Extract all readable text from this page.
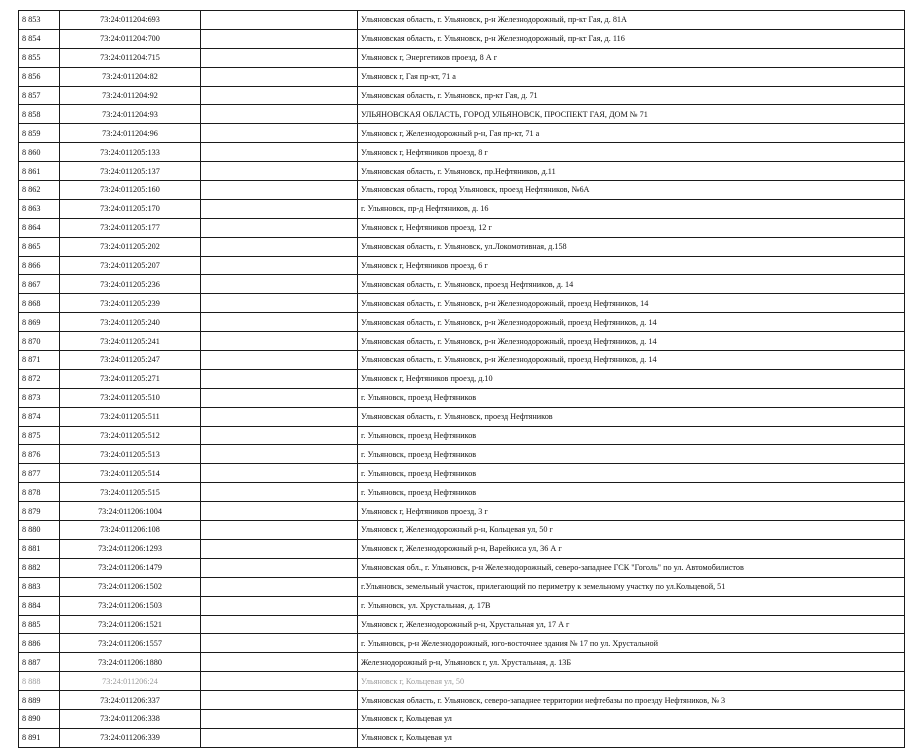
8 853	73:24:011204:693		Ульяновская область, г. Ульяновск, р-н Железнодорожный, пр-кт Гая, д. 81А
8 854	73:24:011204:700		Ульяновская область, г. Ульяновск, р-н Железнодорожный, пр-кт Гая, д. 116
8 855	73:24:011204:715		Ульяновск г, Энергетиков проезд, 8 А г
8 856	73:24:011204:82		Ульяновск г, Гая пр-кт, 71 а
8 857	73:24:011204:92		Ульяновская область, г. Ульяновск, пр-кт Гая, д. 71
8 858	73:24:011204:93		УЛЬЯНОВСКАЯ ОБЛАСТЬ, ГОРОД УЛЬЯНОВСК, ПРОСПЕКТ ГАЯ, ДОМ № 71
8 859	73:24:011204:96		Ульяновск г, Железнодорожный р-н, Гая пр-кт, 71 а
8 860	73:24:011205:133		Ульяновск г, Нефтяников проезд, 8 г
8 861	73:24:011205:137		Ульяновская область, г. Ульяновск, пр.Нефтяников, д.11
8 862	73:24:011205:160		Ульяновская область, город Ульяновск, проезд Нефтяников, №6А
8 863	73:24:011205:170		г. Ульяновск, пр-д Нефтяников, д. 16
8 864	73:24:011205:177		Ульяновск г, Нефтяников проезд, 12 г
8 865	73:24:011205:202		Ульяновская область, г. Ульяновск, ул.Локомотивная, д.158
8 866	73:24:011205:207		Ульяновск г, Нефтяников проезд, 6 г
8 867	73:24:011205:236		Ульяновская область, г. Ульяновск, проезд Нефтяников, д. 14
8 868	73:24:011205:239		Ульяновская область, г. Ульяновск, р-н Железнодорожный, проезд Нефтяников, 14
8 869	73:24:011205:240		Ульяновская область, г. Ульяновск, р-н Железнодорожный, проезд Нефтяников, д. 14
8 870	73:24:011205:241		Ульяновская область, г. Ульяновск, р-н Железнодорожный, проезд Нефтяников, д. 14
8 871	73:24:011205:247		Ульяновская область, г. Ульяновск, р-н Железнодорожный, проезд Нефтяников, д. 14
8 872	73:24:011205:271		Ульяновск г, Нефтяников проезд, д.10
8 873	73:24:011205:510		г. Ульяновск, проезд Нефтяников
8 874	73:24:011205:511		Ульяновская область, г. Ульяновск, проезд Нефтяников
8 875	73:24:011205:512		г. Ульяновск, проезд Нефтяников
8 876	73:24:011205:513		г. Ульяновск, проезд Нефтяников
8 877	73:24:011205:514		г. Ульяновск, проезд Нефтяников
8 878	73:24:011205:515		г. Ульяновск, проезд Нефтяников
8 879	73:24:011206:1004		Ульяновск г, Нефтяников проезд, 3 г
8 880	73:24:011206:108		Ульяновск г, Железнодорожный р-н, Кольцевая ул, 50 г
8 881	73:24:011206:1293		Ульяновск г, Железнодорожный р-н, Варейкиса ул, 36 А г
8 882	73:24:011206:1479		Ульяновская обл., г. Ульяновск, р-н Железнодорожный, северо-западнее ГСК "Гоголь" по ул. Автомобилистов
8 883	73:24:011206:1502		г.Ульяновск, земельный участок, прилегающий по периметру к земельному участку по ул.Кольцевой, 51
8 884	73:24:011206:1503		г. Ульяновск, ул. Хрустальная, д. 17В
8 885	73:24:011206:1521		Ульяновск г, Железнодорожный р-н, Хрустальная ул, 17 А г
8 886	73:24:011206:1557		г. Ульяновск, р-н Железнодорожный, юго-восточнее здания № 17 по ул. Хрустальной
8 887	73:24:011206:1880		Железнодорожный р-н, Ульяновск г, ул. Хрустальная, д. 13Б
8 888	73:24:011206:24		Ульяновск г, Кольцевая ул, 50
8 889	73:24:011206:337		Ульяновская область, г. Ульяновск, северо-западнее территории нефтебазы по проезду Нефтяников, № 3
8 890	73:24:011206:338		Ульяновск г, Кольцевая ул
8 891	73:24:011206:339		Ульяновск г, Кольцевая ул
